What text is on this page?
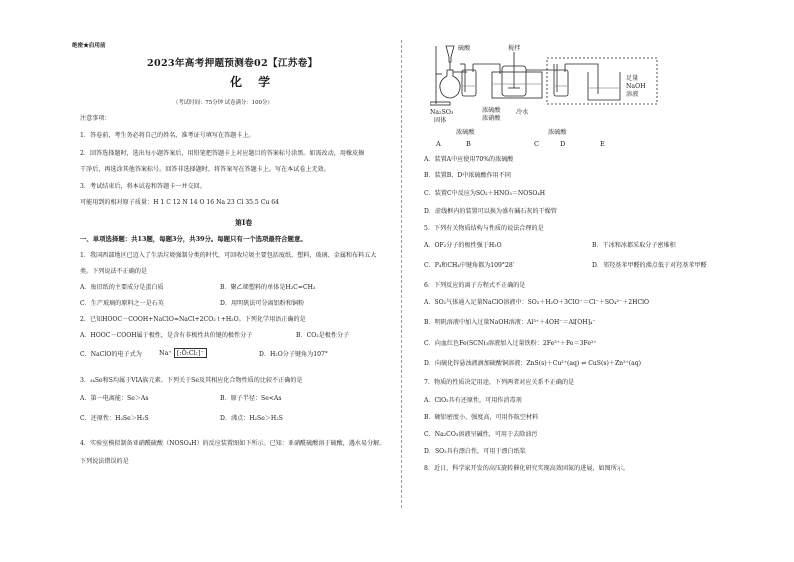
绝密★启用前
2023年高考押题预测卷02【江苏卷】
化 学
（考试时间：75分钟 试卷满分：100分）
注意事项：
1．答卷前，考生务必将自己的姓名、准考证号填写在答题卡上。
2．回答选择题时，选出每小题答案后，用铅笔把答题卡上对应题目的答案标号涂黑。如需改动，用橡皮擦
干净后，再选涂其他答案标号。回答非选择题时，将答案写在答题卡上。写在本试卷上无效。
3．考试结束后，将本试卷和答题卡一并交回。
可能用到的相对原子质量：H 1 C 12 N 14 O 16 Na 23 Cl 35.5 Cu 64
第Ⅰ卷
一、单项选择题：共13题，每题3分，共39分。每题只有一个选项最符合题意。
1．我国西部地区已迈入了生活垃圾强制分类的时代，可回收垃圾主要包括废纸、塑料、玻璃、金属和布料五大
类。下列说法不正确的是
A．废旧纸的主要成分是蛋白质	B．聚乙烯塑料的单体是H₂C=CH₂
C．生产玻璃的原料之一是石英	D．用明矾法可分离铝粉和铜粉
2．已知HOOC－COOH+NaClO=NaCl+2CO₂↑+H₂O。下列化学用语正确的是
A．HOOC－COOH属于极性，是含有非极性共价键的极性分子	B．CO₂是极性分子
C．NaClO的电子式为	Na⁺ [:Ö:Cl:]⁻	D．H₂O分子键角为107°
3．₃₄Se和S均属于VIA族元素。下列关于Se及其相应化合物性质的比较不正确的是
A．第一电离能：Se＞As	B．原子半径：Se<As
C．还原性：H₂Se＞H₂S	D．沸点：H₂Se＞H₂S
4．实验室模拟制备亚硝酰硫酸（NOSO₄H）的反应装置图如下所示。已知：亚硝酰硫酸溶于硫酸，遇水易分解。
下列说法错误的是
硫酸
Na₂SO₃
固体
搅拌
浓硫酸
浓硝酸
冷水
浓硫酸	浓硫酸
足量
NaOH
溶液
A	B	C	D	E
A．装置A中应使用70%的浓硫酸
B．装置B、D中浓硫酸作用不同
C．装置C中反应为SO₂＋HNO₃＝NOSO₄H
D．虚线框内的装置可以换为盛有碱石灰的干燥管
5．下列有关物质结构与性质的说法合理的是
A．OF₂分子的极性强于H₂O	B．干冰和冰都采取分子密堆积
C．P₄和CH₄中键角都为109°28′	D．邻羟基苯甲醛的沸点低于对羟基苯甲醛
6．下列反应的离子方程式不正确的是
A．SO₂气体通入足量NaClO溶液中：SO₂＋H₂O＋3ClO⁻＝Cl⁻＋SO₄²⁻＋2HClO
B．明矾溶液中加入过量NaOH溶液：Al³⁺＋4OH⁻＝Al[OH]₄⁻
C．向血红色Fe(SCN)₃溶液加入过量铁粉：2Fe³⁺＋Fe＝3Fe²⁺
D．向硫化锌悬浊液滴加硫酸铜溶液：ZnS(s)＋Cu²⁺(aq) ⇌ CuS(s)＋Zn²⁺(aq)
7．物质的性质决定用途，下列两者对应关系不正确的是
A．ClO₂具有还原性，可用作消毒剂
B．硬铝密度小、强度高，可用作航空材料
C．Na₂CO₃溶液呈碱性，可用于去除油污
D．SO₂具有漂白性，可用于漂白纸浆
8．近日，科学家开发的高压旋转催化研究实现高效固氮的进展，如图所示。
